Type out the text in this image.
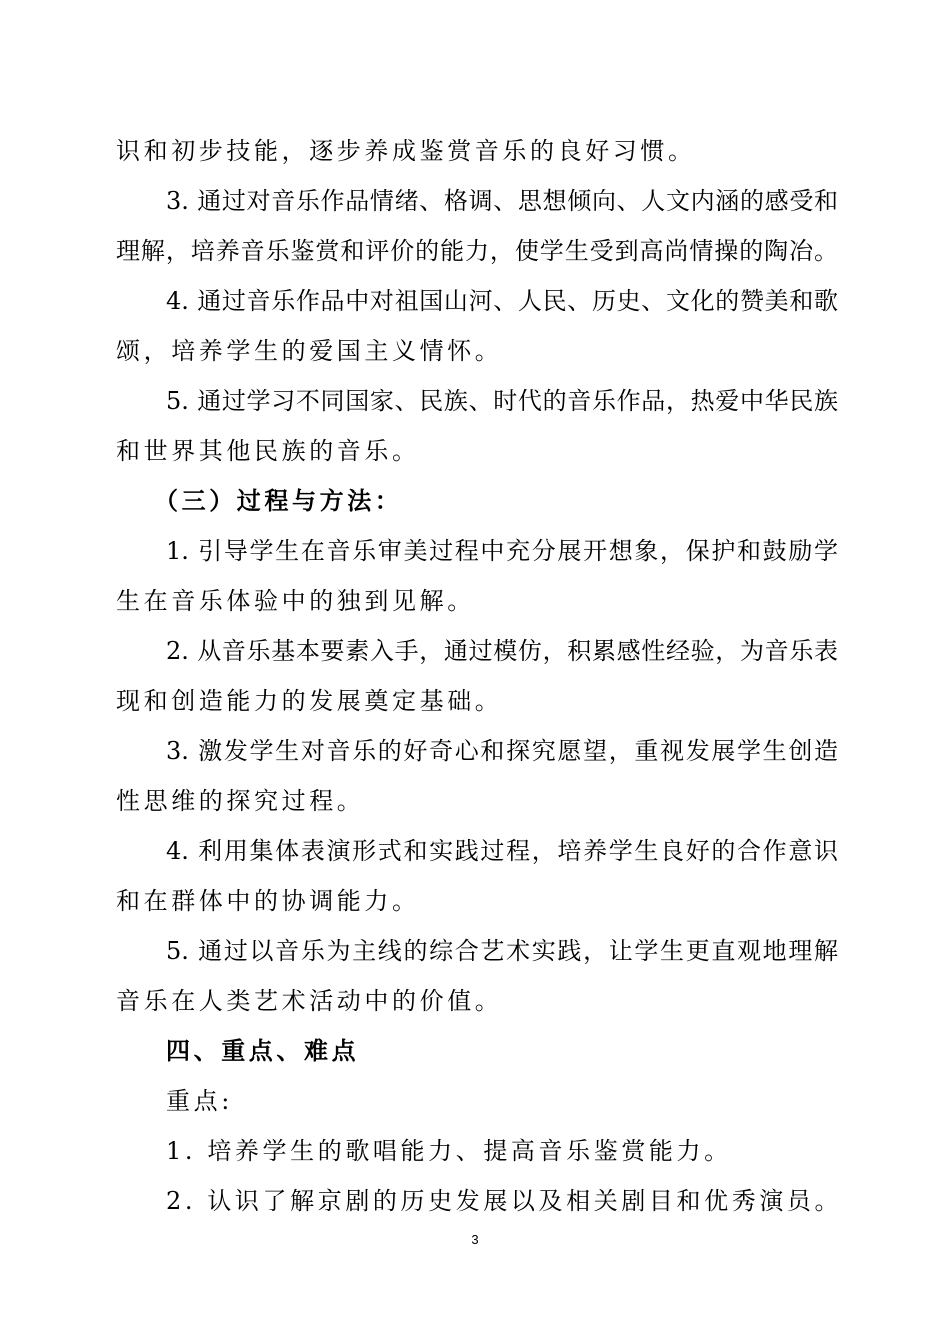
识和初步技能，逐步养成鉴赏音乐的良好习惯。
3. 通过对音乐作品情绪、格调、思想倾向、人文内涵的感受和
理解，培养音乐鉴赏和评价的能力，使学生受到高尚情操的陶冶。
4. 通过音乐作品中对祖国山河、人民、历史、文化的赞美和歌
颂，培养学生的爱国主义情怀。
5. 通过学习不同国家、民族、时代的音乐作品，热爱中华民族
和世界其他民族的音乐。
（三）过程与方法：
1. 引导学生在音乐审美过程中充分展开想象，保护和鼓励学
生在音乐体验中的独到见解。
2. 从音乐基本要素入手，通过模仿，积累感性经验，为音乐表
现和创造能力的发展奠定基础。
3. 激发学生对音乐的好奇心和探究愿望，重视发展学生创造
性思维的探究过程。
4. 利用集体表演形式和实践过程，培养学生良好的合作意识
和在群体中的协调能力。
5. 通过以音乐为主线的综合艺术实践，让学生更直观地理解
音乐在人类艺术活动中的价值。
四、重点、难点
重点:
1. 培养学生的歌唱能力、提高音乐鉴赏能力。
2. 认识了解京剧的历史发展以及相关剧目和优秀演员。
3
